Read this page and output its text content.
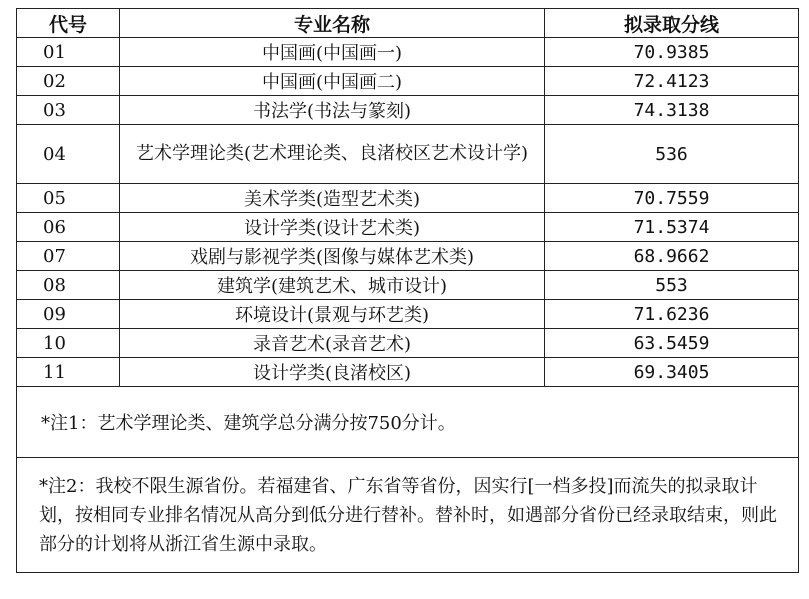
代号	专业名称	拟录取分线
01	中国画(中国画一)	70.9385
02	中国画(中国画二)	72.4123
03	书法学(书法与篆刻)	74.3138
04	艺术学理论类(艺术理论类、良渚校区艺术设计学)	536
05	美术学类(造型艺术类)	70.7559
06	设计学类(设计艺术类)	71.5374
07	戏剧与影视学类(图像与媒体艺术类)	68.9662
08	建筑学(建筑艺术、城市设计)	553
09	环境设计(景观与环艺类)	71.6236
10	录音艺术(录音艺术)	63.5459
11	设计学类(良渚校区)	69.3405
*注1：艺术学理论类、建筑学总分满分按750分计。		
*注2：我校不限生源省份。若福建省、广东省等省份，因实行[一档多投]而流失的拟录取计划，按相同专业排名情况从高分到低分进行替补。替补时，如遇部分省份已经录取结束，则此部分的计划将从浙江省生源中录取。		
